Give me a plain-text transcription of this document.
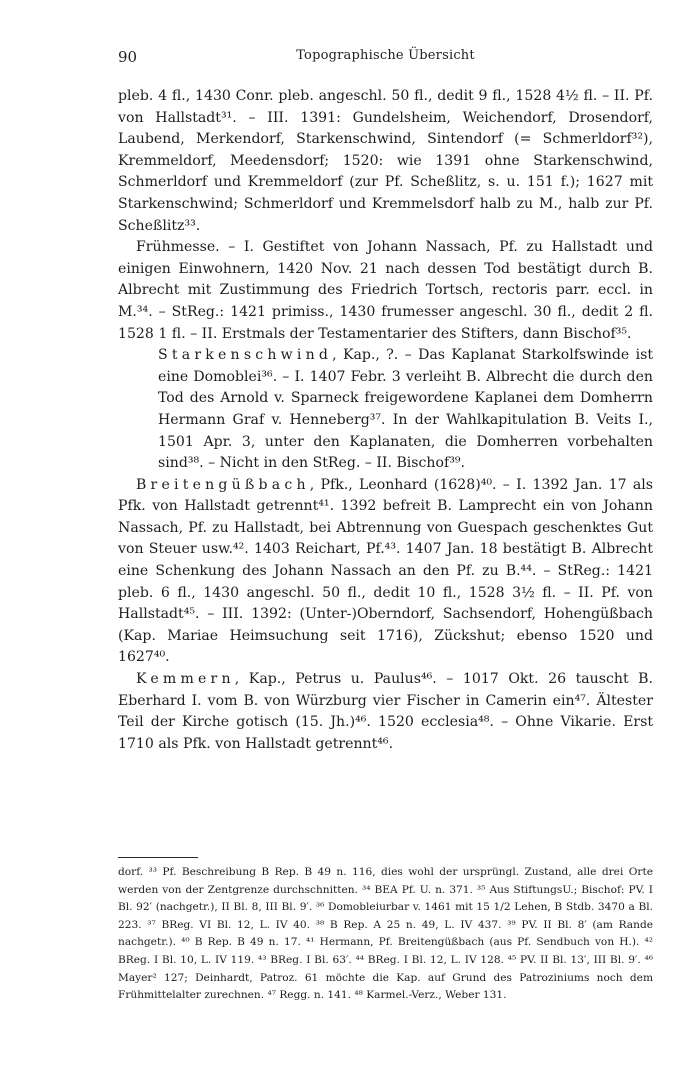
90	Topographische Übersicht

pleb. 4 fl., 1430 Conr. pleb. angeschl. 50 fl., dedit 9 fl., 1528 4½ fl. – II. Pf. von Hallstadt³¹. – III. 1391: Gundelsheim, Weichendorf, Drosendorf, Laubend, Merkendorf, Starkenschwind, Sintendorf (= Schmerldorf³²), Kremmeldorf, Meedensdorf; 1520: wie 1391 ohne Starkenschwind, Schmerldorf und Kremmeldorf (zur Pf. Scheßlitz, s. u. 151 f.); 1627 mit Starkenschwind; Schmerldorf und Kremmelsdorf halb zu M., halb zur Pf. Scheßlitz³³.

Frühmesse. – I. Gestiftet von Johann Nassach, Pf. zu Hallstadt und einigen Einwohnern, 1420 Nov. 21 nach dessen Tod bestätigt durch B. Albrecht mit Zustimmung des Friedrich Tortsch, rectoris parr. eccl. in M.³⁴. – StReg.: 1421 primiss., 1430 frumesser angeschl. 30 fl., dedit 2 fl. 1528 1 fl. – II. Erstmals der Testamentarier des Stifters, dann Bischof³⁵.

Starkenschwind, Kap., ?. – Das Kaplanat Starkolfswinde ist eine Domoblei³⁶. – I. 1407 Febr. 3 verleiht B. Albrecht die durch den Tod des Arnold v. Sparneck freigewordene Kaplanei dem Domherrn Hermann Graf v. Henneberg³⁷. In der Wahlkapitulation B. Veits I., 1501 Apr. 3, unter den Kaplanaten, die Domherren vorbehalten sind³⁸. – Nicht in den StReg. – II. Bischof³⁹.

Breitengüßbach, Pfk., Leonhard (1628)⁴⁰. – I. 1392 Jan. 17 als Pfk. von Hallstadt getrennt⁴¹. 1392 befreit B. Lamprecht ein von Johann Nassach, Pf. zu Hallstadt, bei Abtrennung von Guespach geschenktes Gut von Steuer usw.⁴². 1403 Reichart, Pf.⁴³. 1407 Jan. 18 bestätigt B. Albrecht eine Schenkung des Johann Nassach an den Pf. zu B.⁴⁴. – StReg.: 1421 pleb. 6 fl., 1430 angeschl. 50 fl., dedit 10 fl., 1528 3½ fl. – II. Pf. von Hallstadt⁴⁵. – III. 1392: (Unter-)Oberndorf, Sachsendorf, Hohengüßbach (Kap. Mariae Heimsuchung seit 1716), Zückshut; ebenso 1520 und 1627⁴⁰.

Kemmern, Kap., Petrus u. Paulus⁴⁶. – 1017 Okt. 26 tauscht B. Eberhard I. vom B. von Würzburg vier Fischer in Camerin ein⁴⁷. Ältester Teil der Kirche gotisch (15. Jh.)⁴⁶. 1520 ecclesia⁴⁸. – Ohne Vikarie. Erst 1710 als Pfk. von Hallstadt getrennt⁴⁶.

dorf. ³³ Pf. Beschreibung B Rep. B 49 n. 116, dies wohl der ursprüngl. Zustand, alle drei Orte werden von der Zentgrenze durchschnitten. ³⁴ BEA Pf. U. n. 371. ³⁵ Aus StiftungsU.; Bischof: PV. I Bl. 92′ (nachgetr.), II Bl. 8, III Bl. 9′. ³⁶ Domobleiurbar v. 1461 mit 15 1/2 Lehen, B Stdb. 3470 a Bl. 223. ³⁷ BReg. VI Bl. 12, L. IV 40. ³⁸ B Rep. A 25 n. 49, L. IV 437. ³⁹ PV. II Bl. 8′ (am Rande nachgetr.). ⁴⁰ B Rep. B 49 n. 17. ⁴¹ Hermann, Pf. Breitengüßbach (aus Pf. Sendbuch von H.). ⁴² BReg. I Bl. 10, L. IV 119. ⁴³ BReg. I Bl. 63′. ⁴⁴ BReg. I Bl. 12, L. IV 128. ⁴⁵ PV. II Bl. 13′, III Bl. 9′. ⁴⁶ Mayer² 127; Deinhardt, Patroz. 61 möchte die Kap. auf Grund des Patroziniums noch dem Frühmittelalter zurechnen. ⁴⁷ Regg. n. 141. ⁴⁸ Karmel.-Verz., Weber 131.
